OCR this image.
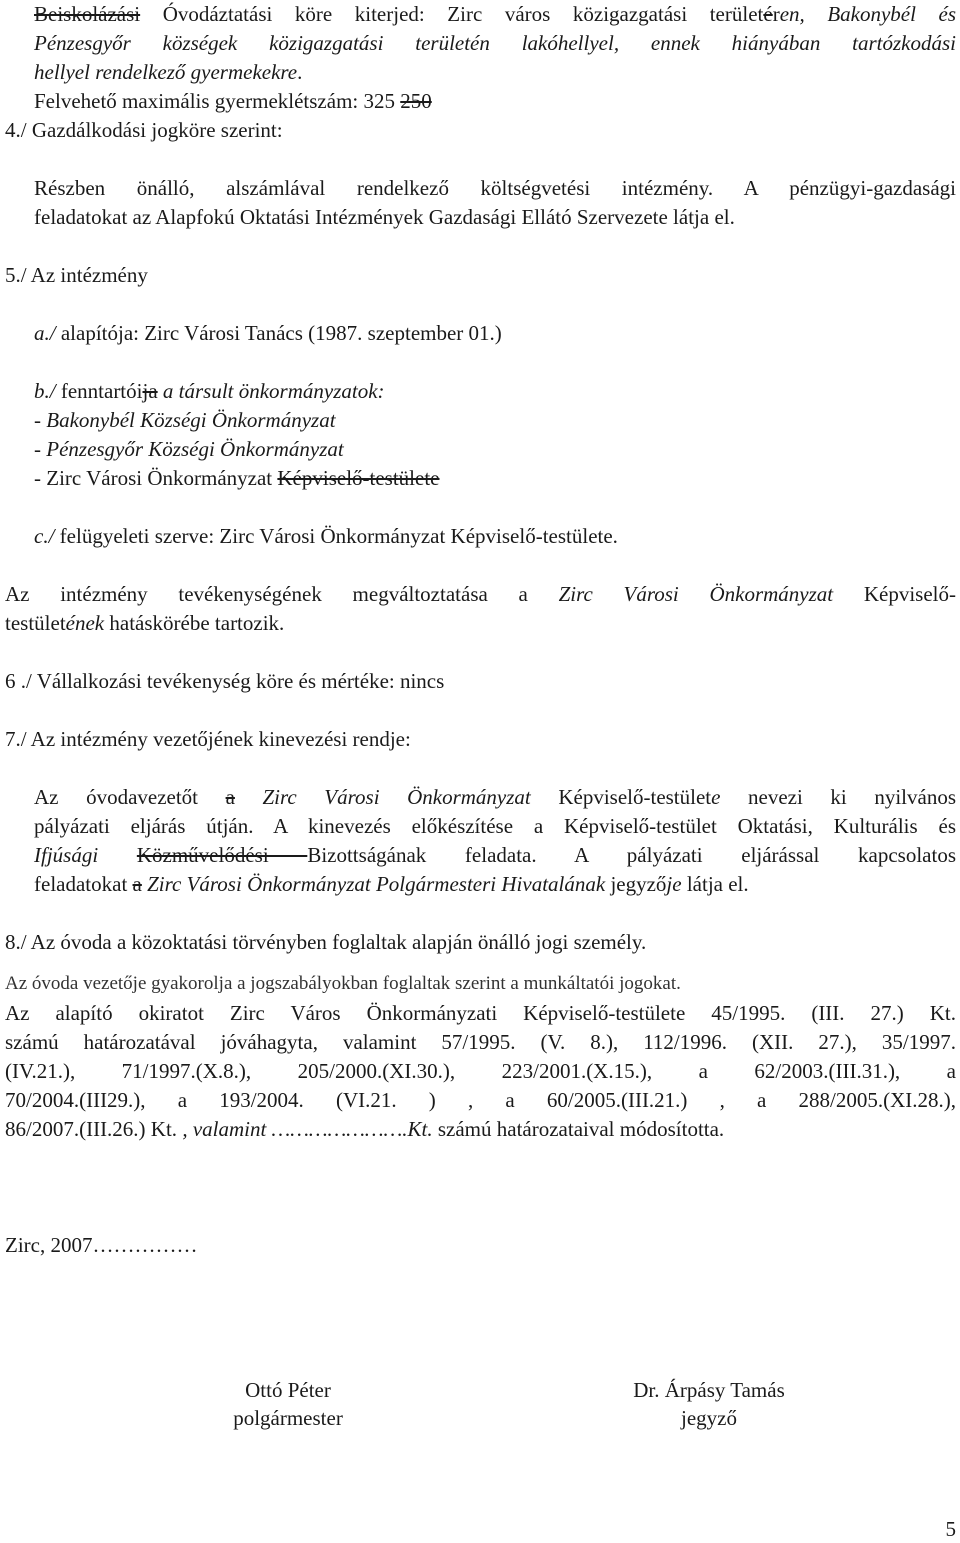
Beiskolázási Óvodáztatási köre kiterjed: Zirc város közigazgatási területéren, Bakonybél és

Pénzesgyőr községek közigazgatási területén lakóhellyel, ennek hiányában tartózkodási

hellyel rendelkező gyermekekre.

Felvehető maximális gyermeklétszám: 325 250

4./ Gazdálkodási jogköre szerint:

Részben önálló, alszámlával rendelkező költségvetési intézmény. A pénzügyi-gazdasági

feladatokat az Alapfokú Oktatási Intézmények Gazdasági Ellátó Szervezete látja el.

5./ Az intézmény

a./ alapítója: Zirc Városi Tanács (1987. szeptember 01.)

b./ fenntartóija a társult önkormányzatok:

- Bakonybél Községi Önkormányzat

- Pénzesgyőr Községi Önkormányzat

- Zirc Városi Önkormányzat Képviselő-testülete

c./ felügyeleti szerve: Zirc Városi Önkormányzat Képviselő-testülete.

Az intézmény tevékenységének megváltoztatása a Zirc Városi Önkormányzat Képviselő-

testületének hatáskörébe tartozik.

6 ./ Vállalkozási tevékenység köre és mértéke: nincs

7./ Az intézmény vezetőjének kinevezési rendje:

Az óvodavezetőt a Zirc Városi Önkormányzat Képviselő-testülete nevezi ki nyilvános

pályázati eljárás útján. A kinevezés előkészítése a Képviselő-testület Oktatási, Kulturális és

Ifjúsági Közművelődési Bizottságának feladata. A pályázati eljárással kapcsolatos

feladatokat a Zirc Városi Önkormányzat Polgármesteri Hivatalának jegyzője látja el.

8./ Az óvoda a közoktatási törvényben foglaltak alapján önálló jogi személy.

Az óvoda vezetője gyakorolja a jogszabályokban foglaltak szerint a munkáltatói jogokat.

Az alapító okiratot Zirc Város Önkormányzati Képviselő-testülete 45/1995. (III. 27.) Kt.

számú határozatával jóváhagyta, valamint 57/1995. (V. 8.), 112/1996. (XII. 27.), 35/1997.

(IV.21.), 71/1997.(X.8.), 205/2000.(XI.30.), 223/2001.(X.15.), a 62/2003.(III.31.), a

70/2004.(III29.), a 193/2004. (VI.21. ) , a 60/2005.(III.21.) , a 288/2005.(XI.28.),

86/2007.(III.26.) Kt. , valamint ………………….Kt. számú határozataival módosította.

Zirc, 2007……………

Ottó Péter
polgármester
Dr. Árpásy Tamás
jegyző
5
